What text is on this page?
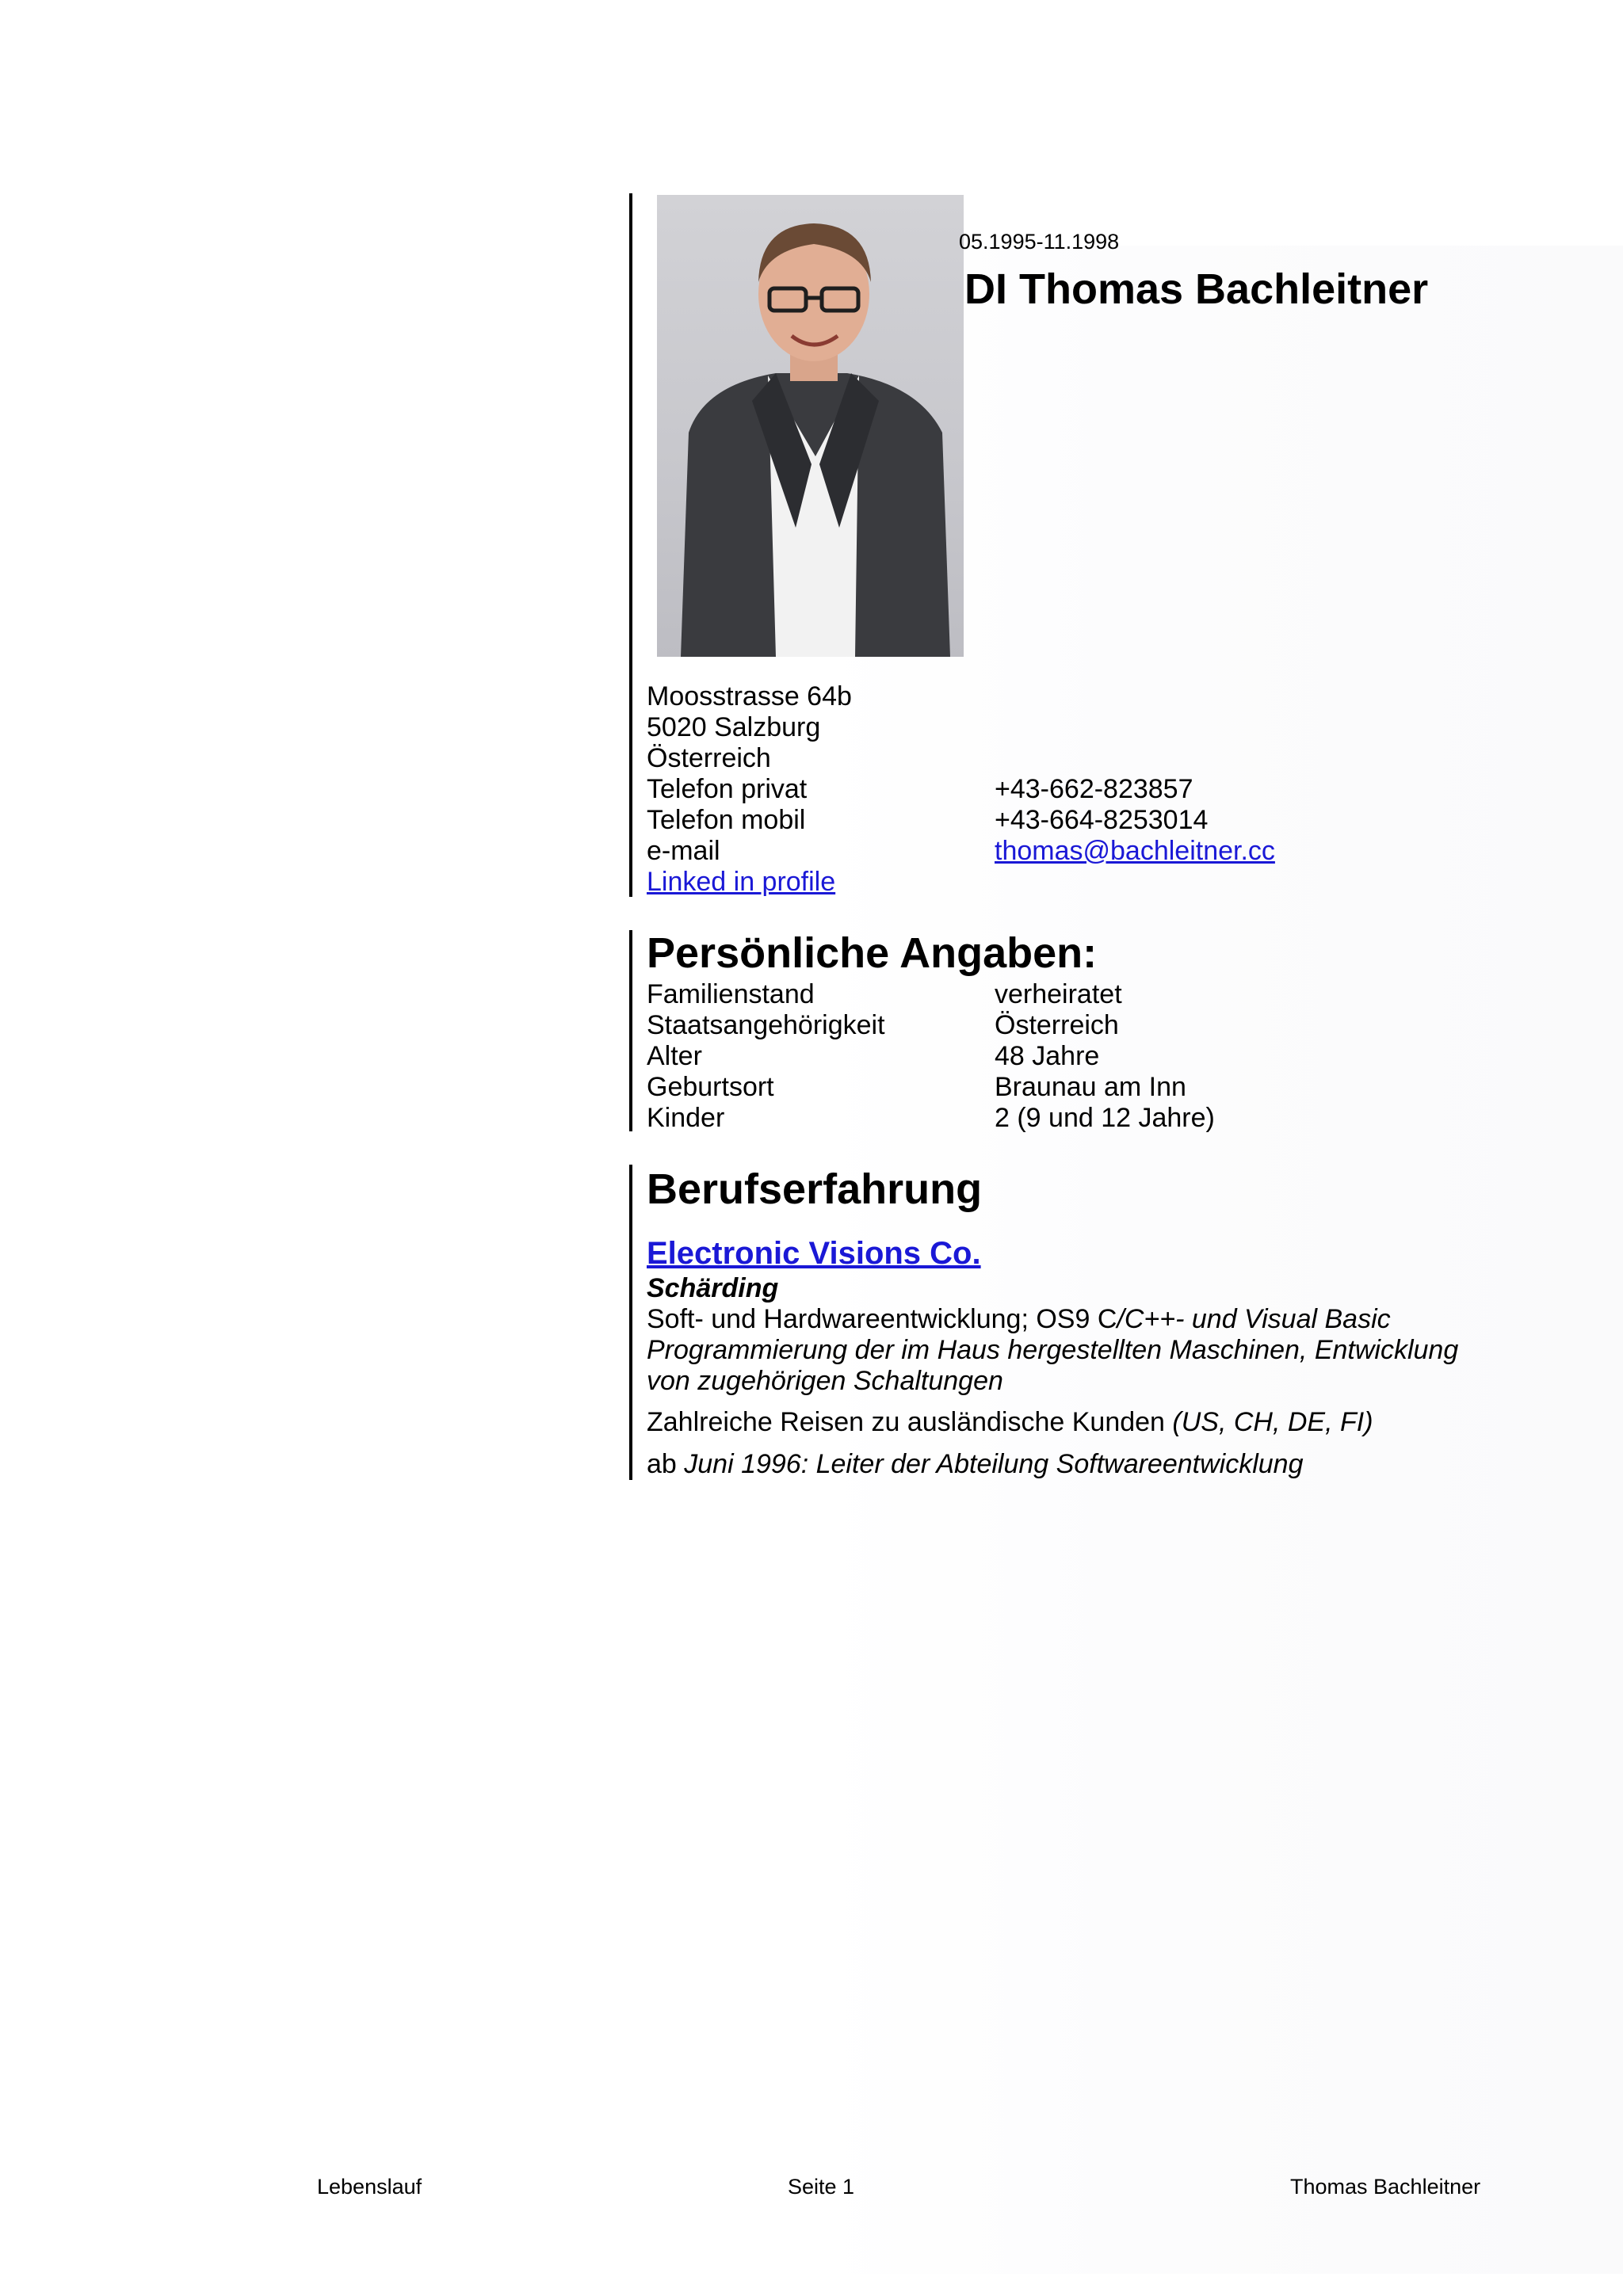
05.1995-11.1998
DI Thomas Bachleitner
Moosstrasse 64b
5020 Salzburg
Österreich
Telefon privat	+43-662-823857
Telefon mobil	+43-664-8253014
e-mail	thomas@bachleitner.cc
Linked in profile
Persönliche Angaben:
Familienstand	verheiratet
Staatsangehörigkeit	Österreich
Alter	48 Jahre
Geburtsort	Braunau am Inn
Kinder	2 (9 und 12 Jahre)
Berufserfahrung
Electronic Visions Co.
Schärding
Soft- und Hardwareentwicklung; OS9 C/C++- und Visual Basic Programmierung der im Haus hergestellten Maschinen, Entwicklung von zugehörigen Schaltungen
Zahlreiche Reisen zu ausländische Kunden (US, CH, DE, FI)
ab Juni 1996: Leiter der Abteilung Softwareentwicklung
Lebenslauf	Seite 1	Thomas Bachleitner
